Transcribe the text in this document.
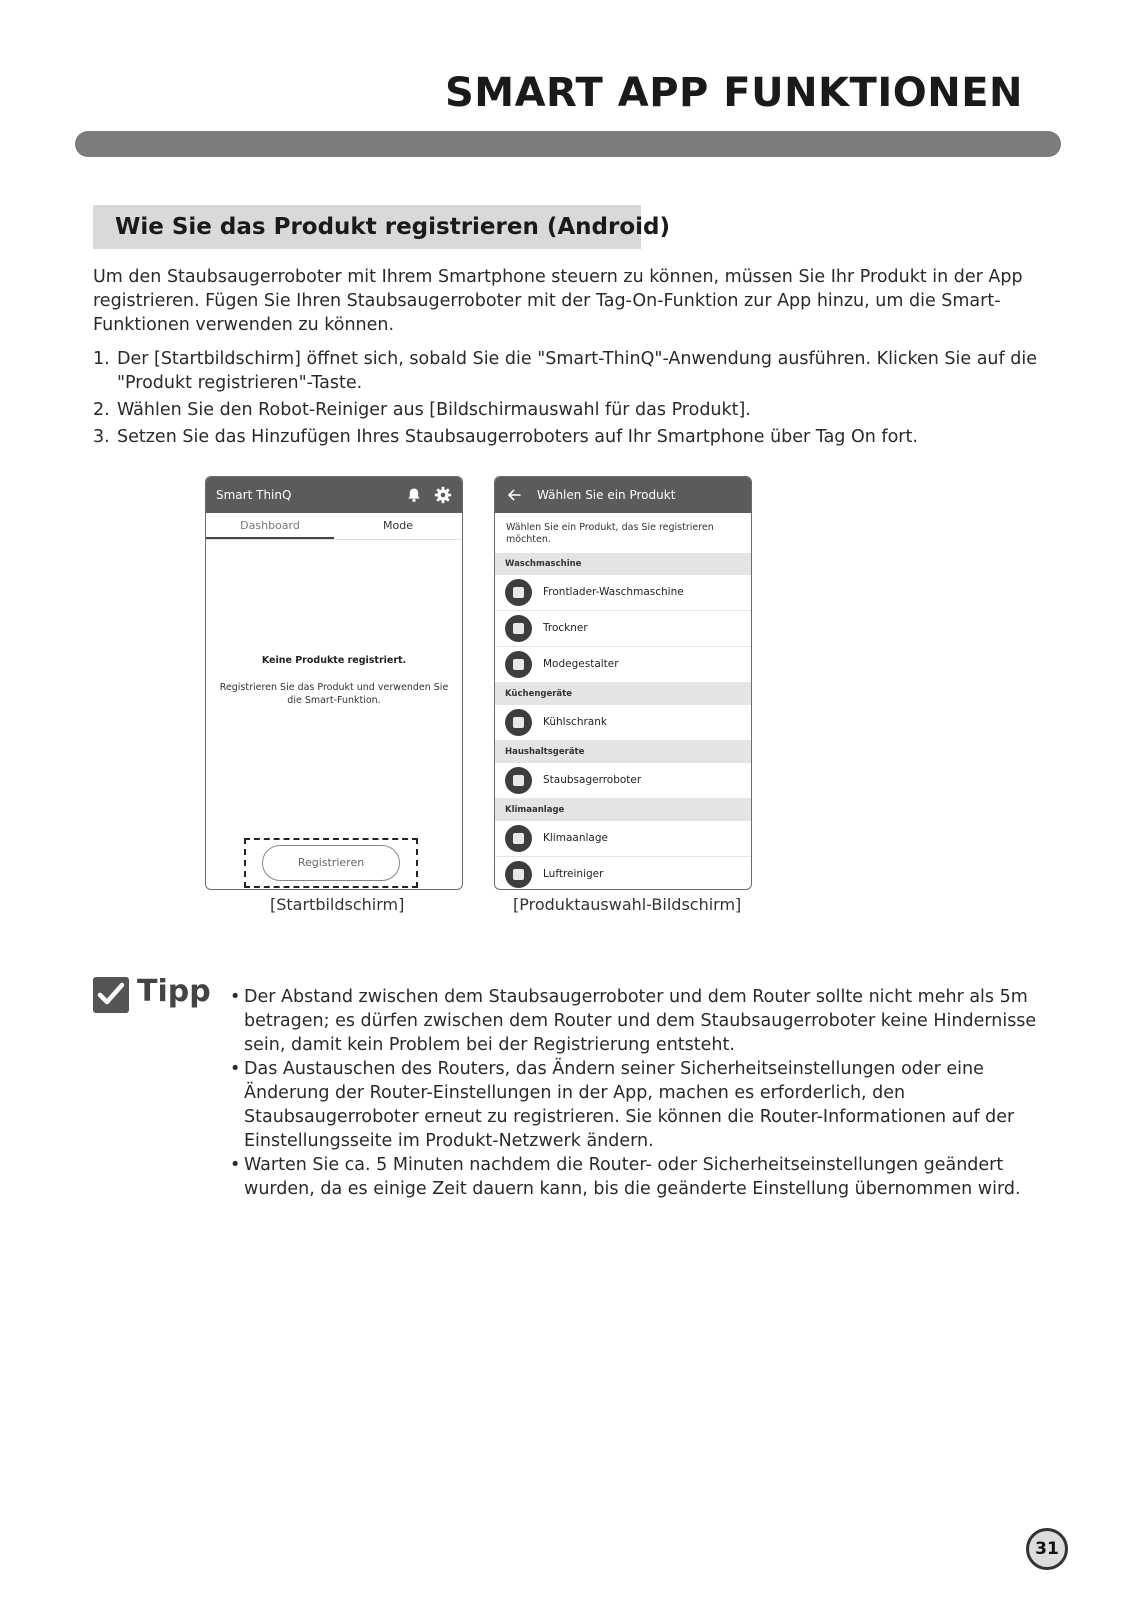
SMART APP FUNKTIONEN
Wie Sie das Produkt registrieren (Android)

Um den Staubsaugerroboter mit Ihrem Smartphone steuern zu können, müssen Sie Ihr Produkt in der App registrieren. Fügen Sie Ihren Staubsaugerroboter mit der Tag-On-Funktion zur App hinzu, um die Smart-Funktionen verwenden zu können.

1. Der [Startbildschirm] öffnet sich, sobald Sie die "Smart-ThinQ"-Anwendung ausführen. Klicken Sie auf die "Produkt registrieren"-Taste.
2. Wählen Sie den Robot-Reiniger aus [Bildschirmauswahl für das Produkt].
3. Setzen Sie das Hinzufügen Ihres Staubsaugerroboters auf Ihr Smartphone über Tag On fort.
Smart ThinQ
Dashboard	Mode
Keine Produkte registriert.
Registrieren Sie das Produkt und verwenden Sie die Smart-Funktion.
Registrieren
Wählen Sie ein Produkt
Wählen Sie ein Produkt, das Sie registrieren möchten.
Waschmaschine
Frontlader-Waschmaschine
Trockner
Modegestalter
Küchengeräte
Kühlschrank
Haushaltsgeräte
Staubsagerroboter
Klimaanlage
Klimaanlage
Luftreiniger
[Startbildschirm]	[Produktauswahl-Bildschirm]

Tipp

•	Der Abstand zwischen dem Staubsaugerroboter und dem Router sollte nicht mehr als 5m betragen; es dürfen zwischen dem Router und dem Staubsaugerroboter keine Hindernisse sein, damit kein Problem bei der Registrierung entsteht.
• Das Austauschen des Routers, das Ändern seiner Sicherheitseinstellungen oder eine Änderung der Router-Einstellungen in der App, machen es erforderlich, den Staubsaugerroboter erneut zu registrieren. Sie können die Router-Informationen auf der Einstellungsseite im Produkt-Netzwerk ändern.
• Warten Sie ca. 5 Minuten nachdem die Router- oder Sicherheitseinstellungen geändert wurden, da es einige Zeit dauern kann, bis die geänderte Einstellung übernommen wird.
31
